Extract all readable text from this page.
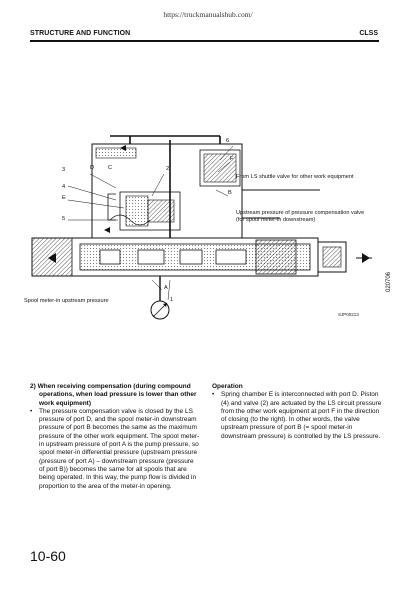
https://truckmanualshub.com/
STRUCTURE AND FUNCTION	CLSS
6
F
D C	2
3
4
E
B
5
A
1
From LS shuttle valve for other work equipment
Upstream pressure of pressure compensation valve
(for spool meter-in downstream)
Spool meter-in upstream pressure
SJP00213
020706

2) When receiving compensation (during compound operations, when load pressure is lower than other work equipment)

• The pressure compensation valve is closed by the LS pressure of port D, and the spool meter-in downstream pressure of port B becomes the same as the maximum pressure of the other work equipment. The spool meter-in upstream pressure of port A is the pump pressure, so spool meter-in differential pressure (upstream pressure (pressure of port A) – downstream pressure (pressure of port B)) becomes the same for all spools that are being operated. In this way, the pump flow is divided in proportion to the area of the meter-in opening.

Operation

• Spring chamber E is interconnected with port D. Piston (4) and valve (2) are actuated by the LS circuit pressure from the other work equipment at port F in the direction of closing (to the right). In other words, the valve upstream pressure of port B (= spool meter-in downstream pressure) is controlled by the LS pressure.

10-60
